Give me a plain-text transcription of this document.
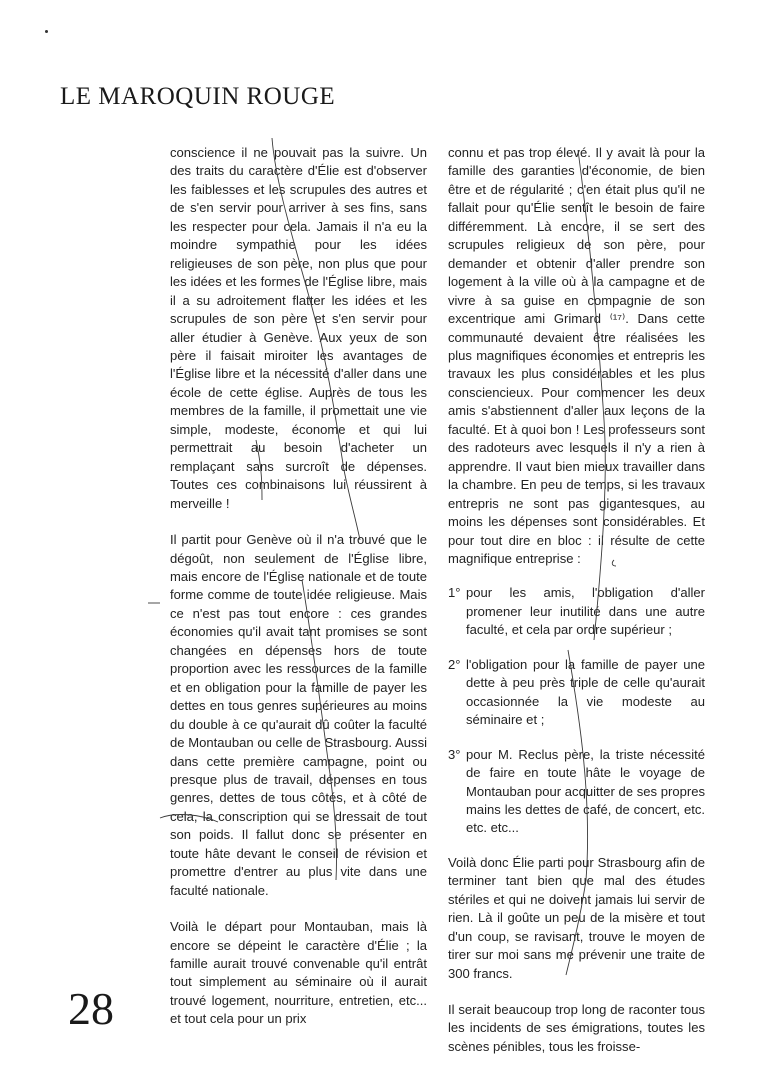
LE MAROQUIN ROUGE

conscience il ne pouvait pas la suivre. Un des traits du caractère d'Élie est d'observer les faiblesses et les scrupules des autres et de s'en servir pour arriver à ses fins, sans les respecter pour cela. Jamais il n'a eu la moindre sympathie pour les idées religieuses de son père, non plus que pour les idées et les formes de l'Église libre, mais il a su adroitement flatter les idées et les scrupules de son père et s'en servir pour aller étudier à Genève. Aux yeux de son père il faisait miroiter les avantages de l'Église libre et la nécessité d'aller dans une école de cette église. Auprès de tous les membres de la famille, il promettait une vie simple, modeste, économe et qui lui permettrait au besoin d'acheter un remplaçant sans surcroît de dépenses. Toutes ces combinaisons lui réussirent à merveille !

Il partit pour Genève où il n'a trouvé que le dégoût, non seulement de l'Église libre, mais encore de l'Église nationale et de toute forme comme de toute idée religieuse. Mais ce n'est pas tout encore : ces grandes économies qu'il avait tant promises se sont changées en dépenses hors de toute proportion avec les ressources de la famille et en obligation pour la famille de payer les dettes en tous genres supérieures au moins du double à ce qu'aurait dû coûter la faculté de Montauban ou celle de Strasbourg. Aussi dans cette première campagne, point ou presque plus de travail, dépenses en tous genres, dettes de tous côtés, et à côté de cela, la conscription qui se dressait de tout son poids. Il fallut donc se présenter en toute hâte devant le conseil de révision et promettre d'entrer au plus vite dans une faculté nationale.

Voilà le départ pour Montauban, mais là encore se dépeint le caractère d'Élie ; la famille aurait trouvé convenable qu'il entrât tout simplement au séminaire où il aurait trouvé logement, nourriture, entretien, etc... et tout cela pour un prix

connu et pas trop élevé. Il y avait là pour la famille des garanties d'économie, de bien être et de régularité ; c'en était plus qu'il ne fallait pour qu'Élie sentît le besoin de faire différemment. Là encore, il se sert des scrupules religieux de son père, pour demander et obtenir d'aller prendre son logement à la ville où à la campagne et de vivre à sa guise en compagnie de son excentrique ami Grimard ⁽¹⁷⁾. Dans cette communauté devaient être réalisées les plus magnifiques économies et entrepris les travaux les plus considérables et les plus consciencieux. Pour commencer les deux amis s'abstiennent d'aller aux leçons de la faculté. Et à quoi bon ! Les professeurs sont des radoteurs avec lesquels il n'y a rien à apprendre. Il vaut bien mieux travailler dans la chambre. En peu de temps, si les travaux entrepris ne sont pas gigantesques, au moins les dépenses sont considérables. Et pour tout dire en bloc : il résulte de cette magnifique entreprise :

1° pour les amis, l'obligation d'aller promener leur inutilité dans une autre faculté, et cela par ordre supérieur ;
2° l'obligation pour la famille de payer une dette à peu près triple de celle qu'aurait occasionnée la vie modeste au séminaire et ;
3° pour M. Reclus père, la triste nécessité de faire en toute hâte le voyage de Montauban pour acquitter de ses propres mains les dettes de café, de concert, etc. etc. etc...

Voilà donc Élie parti pour Strasbourg afin de terminer tant bien que mal des études stériles et qui ne doivent jamais lui servir de rien. Là il goûte un peu de la misère et tout d'un coup, se ravisant, trouve le moyen de tirer sur moi sans me prévenir une traite de 300 francs.

Il serait beaucoup trop long de raconter tous les incidents de ses émigrations, toutes les scènes pénibles, tous les froisse-

28
